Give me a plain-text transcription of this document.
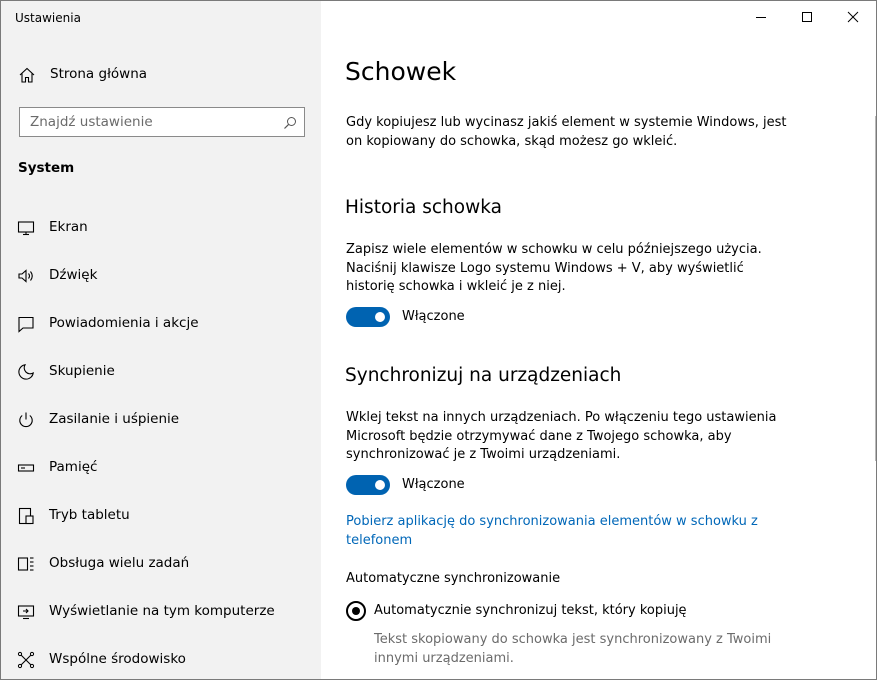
Ustawienia
Strona główna
Znajdź ustawienie
System
Ekran
Dźwięk
Powiadomienia i akcje
Skupienie
Zasilanie i uśpienie
Pamięć
Tryb tabletu
Obsługa wielu zadań
Wyświetlanie na tym komputerze
Wspólne środowisko
Schowek
Gdy kopiujesz lub wycinasz jakiś element w systemie Windows, jest on kopiowany do schowka, skąd możesz go wkleić.
Historia schowka
Zapisz wiele elementów w schowku w celu późniejszego użycia. Naciśnij klawisze Logo systemu Windows + V, aby wyświetlić historię schowka i wkleić je z niej.
Włączone
Synchronizuj na urządzeniach
Wklej tekst na innych urządzeniach. Po włączeniu tego ustawienia Microsoft będzie otrzymywać dane z Twojego schowka, aby synchronizować je z Twoimi urządzeniami.
Włączone
Pobierz aplikację do synchronizowania elementów w schowku z telefonem
Automatyczne synchronizowanie
Automatycznie synchronizuj tekst, który kopiuję
Tekst skopiowany do schowka jest synchronizowany z Twoimi innymi urządzeniami.
